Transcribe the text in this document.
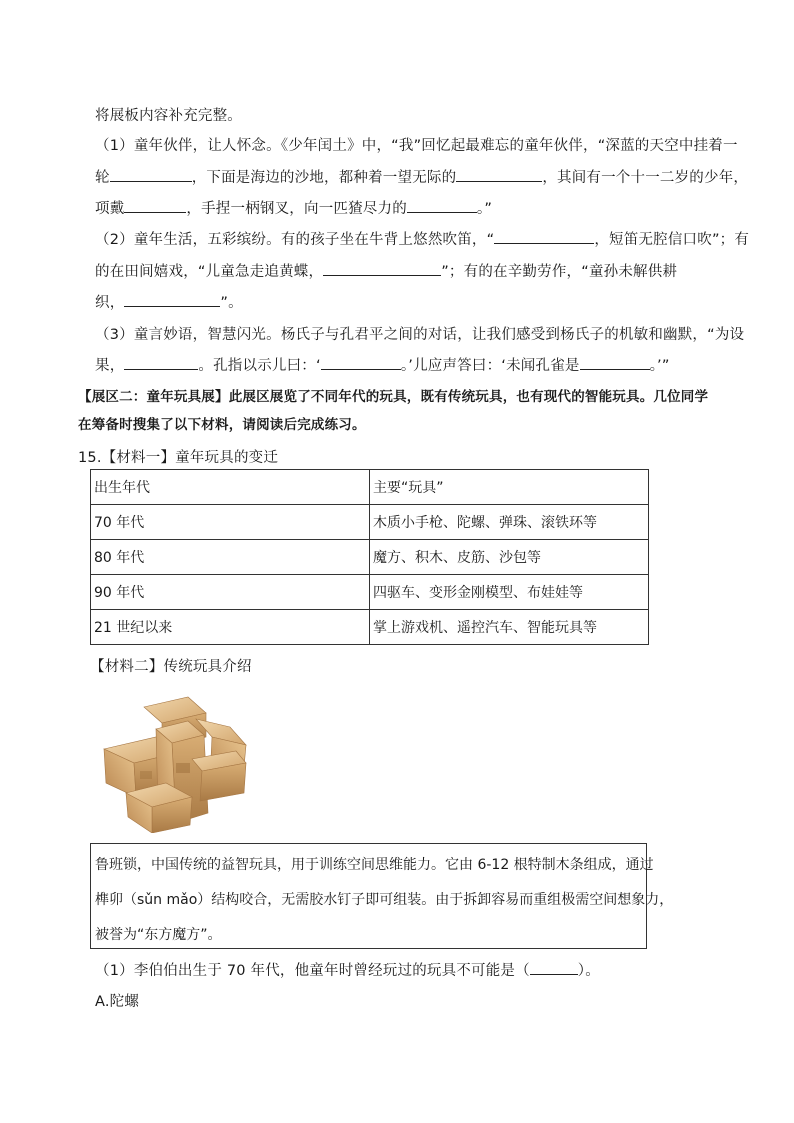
将展板内容补充完整。
（1）童年伙伴，让人怀念。《少年闰土》中，“我”回忆起最难忘的童年伙伴，“深蓝的天空中挂着一
轮	，下面是海边的沙地，都种着一望无际的	，其间有一个十一二岁的少年，
项戴	，手捏一柄钢叉，向一匹猹尽力的	。”
（2）童年生活，五彩缤纷。有的孩子坐在牛背上悠然吹笛，“	，短笛无腔信口吹”；有
的在田间嬉戏，“儿童急走追黄蝶，	”；有的在辛勤劳作，“童孙未解供耕
织，	”。
（3）童言妙语，智慧闪光。杨氏子与孔君平之间的对话，让我们感受到杨氏子的机敏和幽默，“为设
果，	。孔指以示儿曰：‘	。’儿应声答曰：‘未闻孔雀是	。’”
【展区二：童年玩具展】此展区展览了不同年代的玩具，既有传统玩具，也有现代的智能玩具。几位同学
在筹备时搜集了以下材料，请阅读后完成练习。
15.【材料一】童年玩具的变迁
出生年代	主要“玩具”
70 年代	木质小手枪、陀螺、弹珠、滚铁环等
80 年代	魔方、积木、皮筋、沙包等
90 年代	四驱车、变形金刚模型、布娃娃等
21 世纪以来	掌上游戏机、遥控汽车、智能玩具等
【材料二】传统玩具介绍
鲁班锁，中国传统的益智玩具，用于训练空间思维能力。它由 6-12 根特制木条组成，通过
榫卯（sǔn mǎo）结构咬合，无需胶水钉子即可组装。由于拆卸容易而重组极需空间想象力，
被誉为“东方魔方”。
（1）李伯伯出生于 70 年代，他童年时曾经玩过的玩具不可能是（	）。
A.陀螺
